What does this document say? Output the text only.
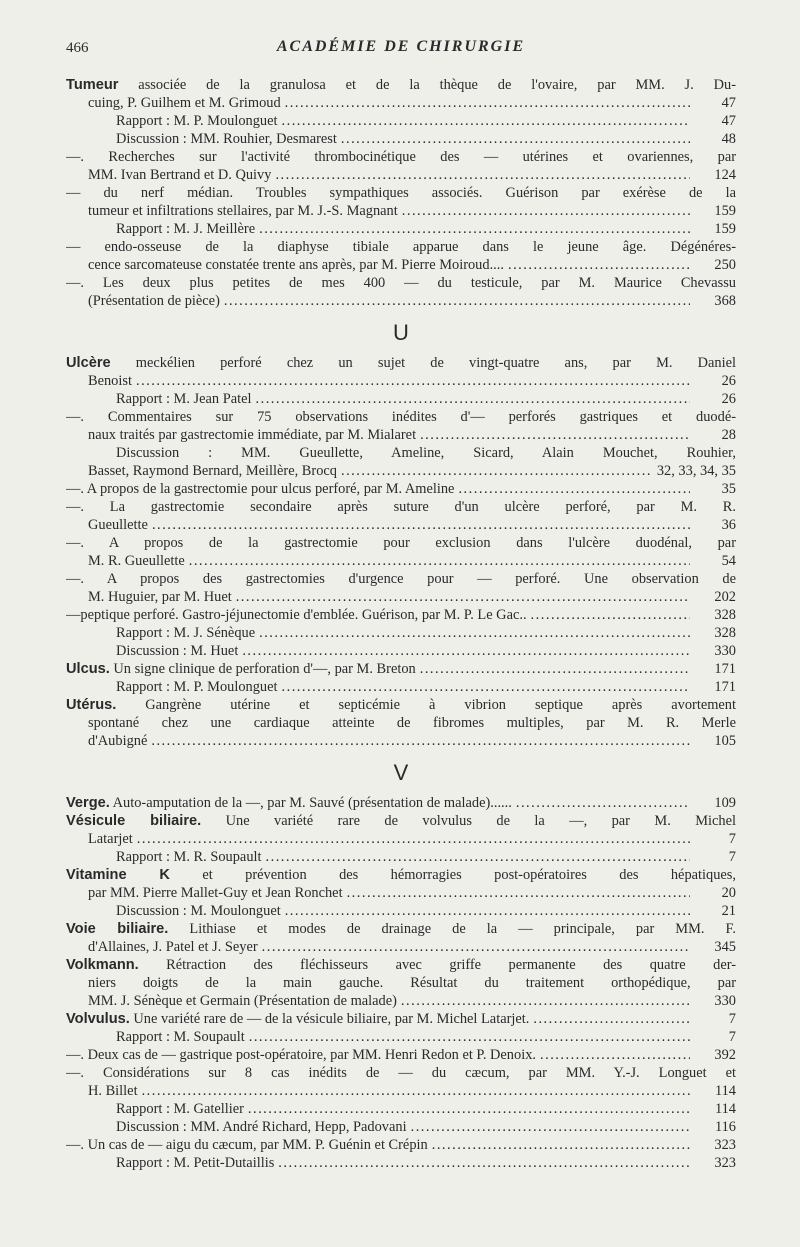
466	ACADÉMIE DE CHIRURGIE
Tumeur associée de la granulosa et de la thèque de l'ovaire, par MM. J. Du-
cuing, P. Guilhem et M. Grimoud .....	47
Rapport : M. P. Moulonguet .....	47
Discussion : MM. Rouhier, Desmarest .....	48
—. Recherches sur l'activité thrombocinétique des — utérines et ovariennes, par
MM. Ivan Bertrand et D. Quivy .....	124
— du nerf médian. Troubles sympathiques associés. Guérison par exérèse de la
tumeur et infiltrations stellaires, par M. J.-S. Magnant .....	159
Rapport : M. J. Meillère .....	159
— endo-osseuse de la diaphyse tibiale apparue dans le jeune âge. Dégénéres-
cence sarcomateuse constatée trente ans après, par M. Pierre Moiroud.... .....	250
—. Les deux plus petites de mes 400 — du testicule, par M. Maurice Chevassu
(Présentation de pièce) .....	368
U
Ulcère meckélien perforé chez un sujet de vingt-quatre ans, par M. Daniel
Benoist .....	26
Rapport : M. Jean Patel .....	26
—. Commentaires sur 75 observations inédites d'— perforés gastriques et duodé-
naux traités par gastrectomie immédiate, par M. Mialaret .....	28
Discussion : MM. Gueullette, Ameline, Sicard, Alain Mouchet, Rouhier,
Basset, Raymond Bernard, Meillère, Brocq .....	32, 33, 34, 35
—. A propos de la gastrectomie pour ulcus perforé, par M. Ameline .....	35
—. La gastrectomie secondaire après suture d'un ulcère perforé, par M. R.
Gueullette .....	36
—. A propos de la gastrectomie pour exclusion dans l'ulcère duodénal, par
M. R. Gueullette .....	54
—. A propos des gastrectomies d'urgence pour — perforé. Une observation de
M. Huguier, par M. Huet .....	202
—peptique perforé. Gastro-jéjunectomie d'emblée. Guérison, par M. P. Le Gac.. .....	328
Rapport : M. J. Sénèque .....	328
Discussion : M. Huet .....	330
Ulcus. Un signe clinique de perforation d'—, par M. Breton .....	171
Rapport : M. P. Moulonguet .....	171
Utérus. Gangrène utérine et septicémie à vibrion septique après avortement
spontané chez une cardiaque atteinte de fibromes multiples, par M. R. Merle
d'Aubigné .....	105
V
Verge. Auto-amputation de la —, par M. Sauvé (présentation de malade)...... .....	109
Vésicule biliaire. Une variété rare de volvulus de la —, par M. Michel
Latarjet .....	7
Rapport : M. R. Soupault .....	7
Vitamine K et prévention des hémorragies post-opératoires des hépatiques,
par MM. Pierre Mallet-Guy et Jean Ronchet .....	20
Discussion : M. Moulonguet .....	21
Voie biliaire. Lithiase et modes de drainage de la — principale, par MM. F.
d'Allaines, J. Patel et J. Seyer .....	345
Volkmann. Rétraction des fléchisseurs avec griffe permanente des quatre der-
niers doigts de la main gauche. Résultat du traitement orthopédique, par
MM. J. Sénèque et Germain (Présentation de malade) .....	330
Volvulus. Une variété rare de — de la vésicule biliaire, par M. Michel Latarjet. .....	7
Rapport : M. Soupault .....	7
—. Deux cas de — gastrique post-opératoire, par MM. Henri Redon et P. Denoix. .....	392
—. Considérations sur 8 cas inédits de — du cæcum, par MM. Y.-J. Longuet et
H. Billet .....	114
Rapport : M. Gatellier .....	114
Discussion : MM. André Richard, Hepp, Padovani .....	116
—. Un cas de — aigu du cæcum, par MM. P. Guénin et Crépin .....	323
Rapport : M. Petit-Dutaillis .....	323
